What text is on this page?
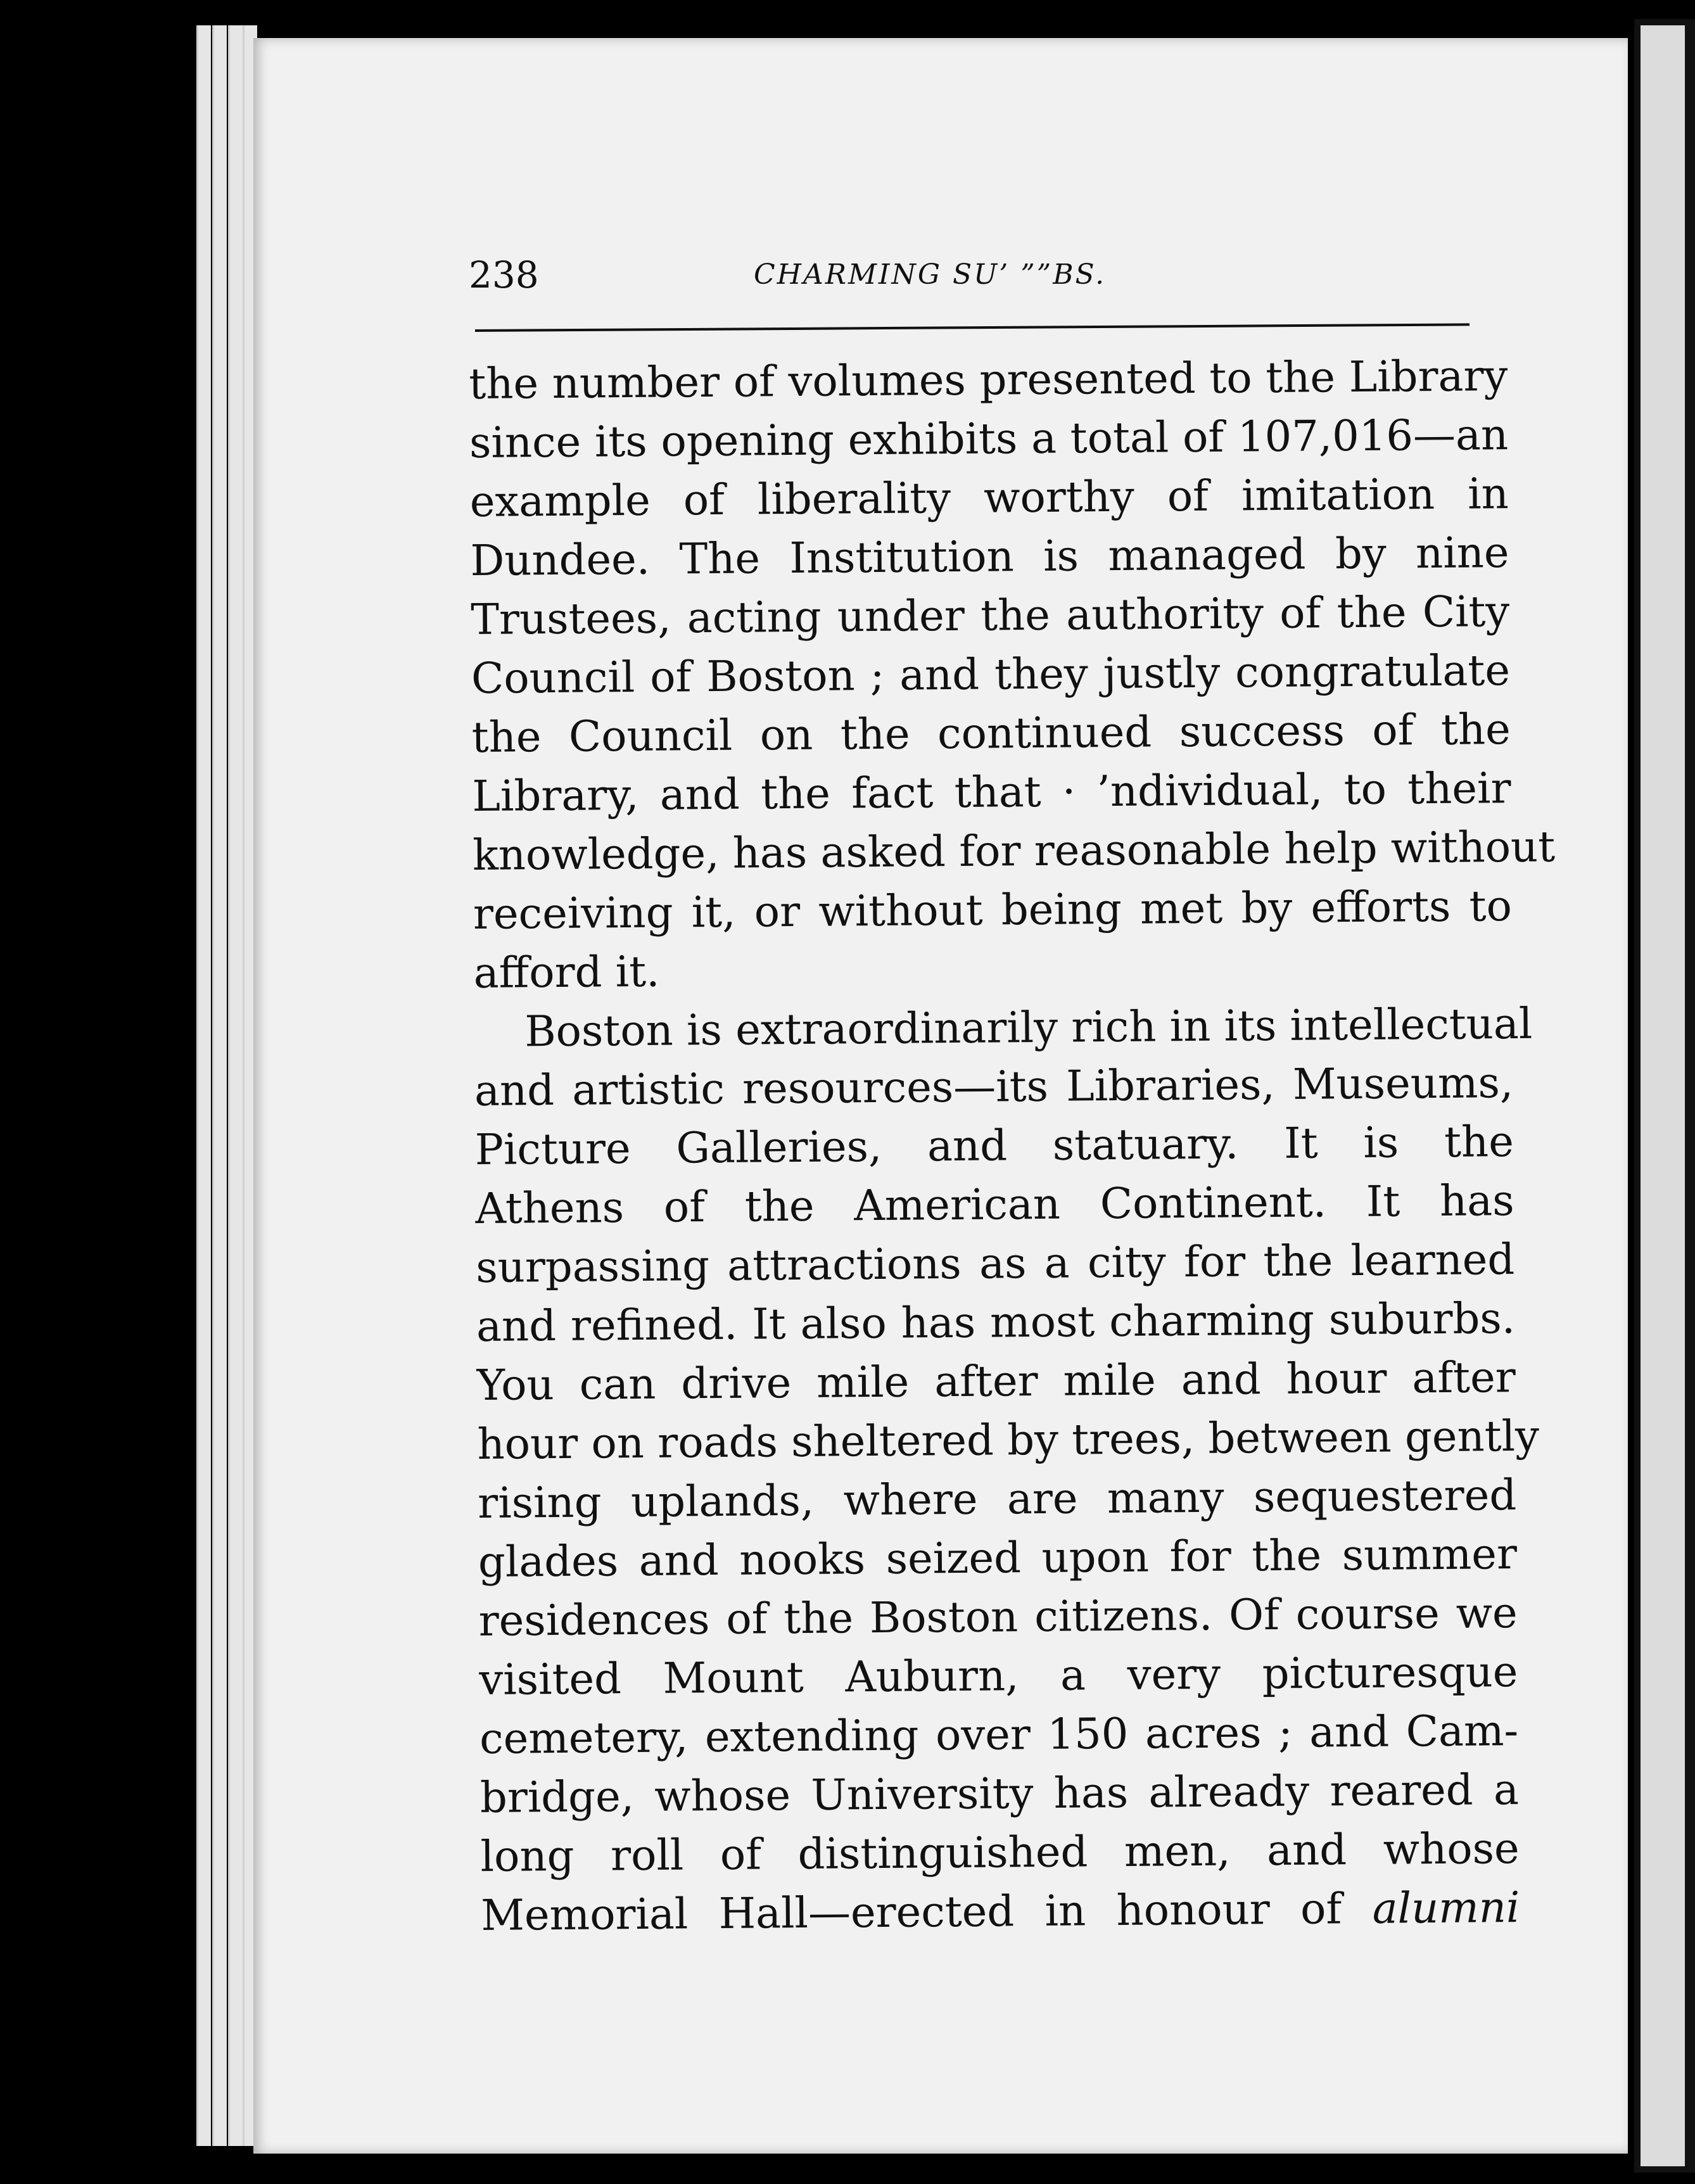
238	CHARMING SU’ ””BS.
the number of volumes presented to the Library
since its opening exhibits a total of 107,016—an
example of liberality worthy of imitation in
Dundee. The Institution is managed by nine
Trustees, acting under the authority of the City
Council of Boston ; and they justly congratulate
the Council on the continued success of the
Library, and the fact that · ’ndividual, to their
knowledge, has asked for reasonable help without
receiving it, or without being met by efforts to
afford it.
Boston is extraordinarily rich in its intellectual
and artistic resources—its Libraries, Museums,
Picture Galleries, and statuary. It is the
Athens of the American Continent. It has
surpassing attractions as a city for the learned
and refined. It also has most charming suburbs.
You can drive mile after mile and hour after
hour on roads sheltered by trees, between gently
rising uplands, where are many sequestered
glades and nooks seized upon for the summer
residences of the Boston citizens. Of course we
visited Mount Auburn, a very picturesque
cemetery, extending over 150 acres ; and Cam-
bridge, whose University has already reared a
long roll of distinguished men, and whose
Memorial Hall—erected in honour of alumni
